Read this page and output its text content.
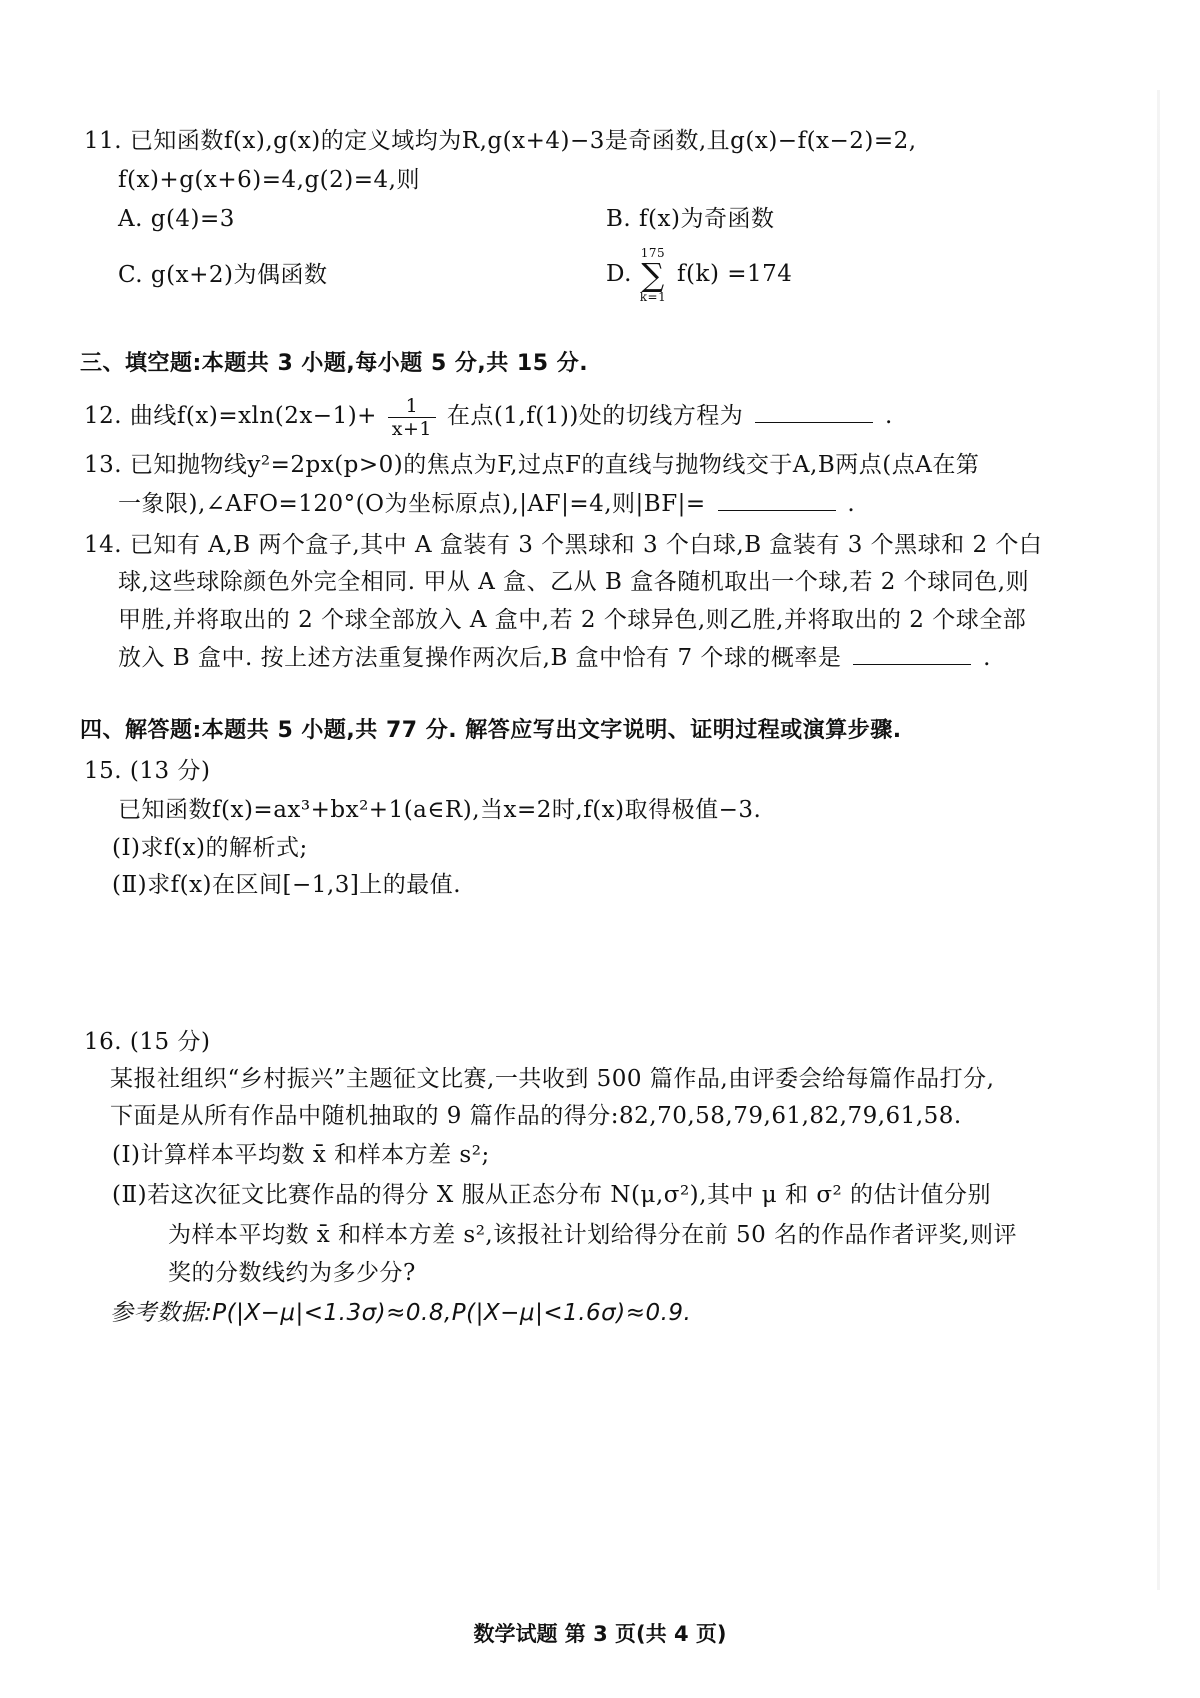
11. 已知函数f(x),g(x)的定义域均为R,g(x+4)−3是奇函数,且g(x)−f(x−2)=2,
f(x)+g(x+6)=4,g(2)=4,则
A. g(4)=3	B. f(x)为奇函数
C. g(x+2)为偶函数	D.
175
∑
k=1
f(k) =174
三、填空题:本题共 3 小题,每小题 5 分,共 15 分.
12. 曲线$f(x)=xln(2x-1)+ \frac{1}{x+1}$ 在点(1,f(1))处的切线方程为	.
13. 已知抛物线y²=2px(p>0)的焦点为F,过点F的直线与抛物线交于A,B两点(点A在第
一象限),∠AFO=120°(O为坐标原点),|AF|=4,则|BF|=	.
14. 已知有 A,B 两个盒子,其中 A 盒装有 3 个黑球和 3 个白球,B 盒装有 3 个黑球和 2 个白
球,这些球除颜色外完全相同. 甲从 A 盒、乙从 B 盒各随机取出一个球,若 2 个球同色,则
甲胜,并将取出的 2 个球全部放入 A 盒中,若 2 个球异色,则乙胜,并将取出的 2 个球全部
放入 B 盒中. 按上述方法重复操作两次后,B 盒中恰有 7 个球的概率是	.
四、解答题:本题共 5 小题,共 77 分. 解答应写出文字说明、证明过程或演算步骤.
15. (13 分)
已知函数f(x)=ax³+bx²+1(a∈R),当x=2时,f(x)取得极值−3.
(Ⅰ)求f(x)的解析式;
(Ⅱ)求f(x)在区间[−1,3]上的最值.
16. (15 分)
某报社组织“乡村振兴”主题征文比赛,一共收到 500 篇作品,由评委会给每篇作品打分,
下面是从所有作品中随机抽取的 9 篇作品的得分:82,70,58,79,61,82,79,61,58.
(Ⅰ)计算样本平均数 x̄ 和样本方差 s²;
(Ⅱ)若这次征文比赛作品的得分 X 服从正态分布 N(μ,σ²),其中 μ 和 σ² 的估计值分别
为样本平均数 x̄ 和样本方差 s²,该报社计划给得分在前 50 名的作品作者评奖,则评
奖的分数线约为多少分?
参考数据:P(|X−μ|<1.3σ)≈0.8,P(|X−μ|<1.6σ)≈0.9.
数学试题 第 3 页(共 4 页)
